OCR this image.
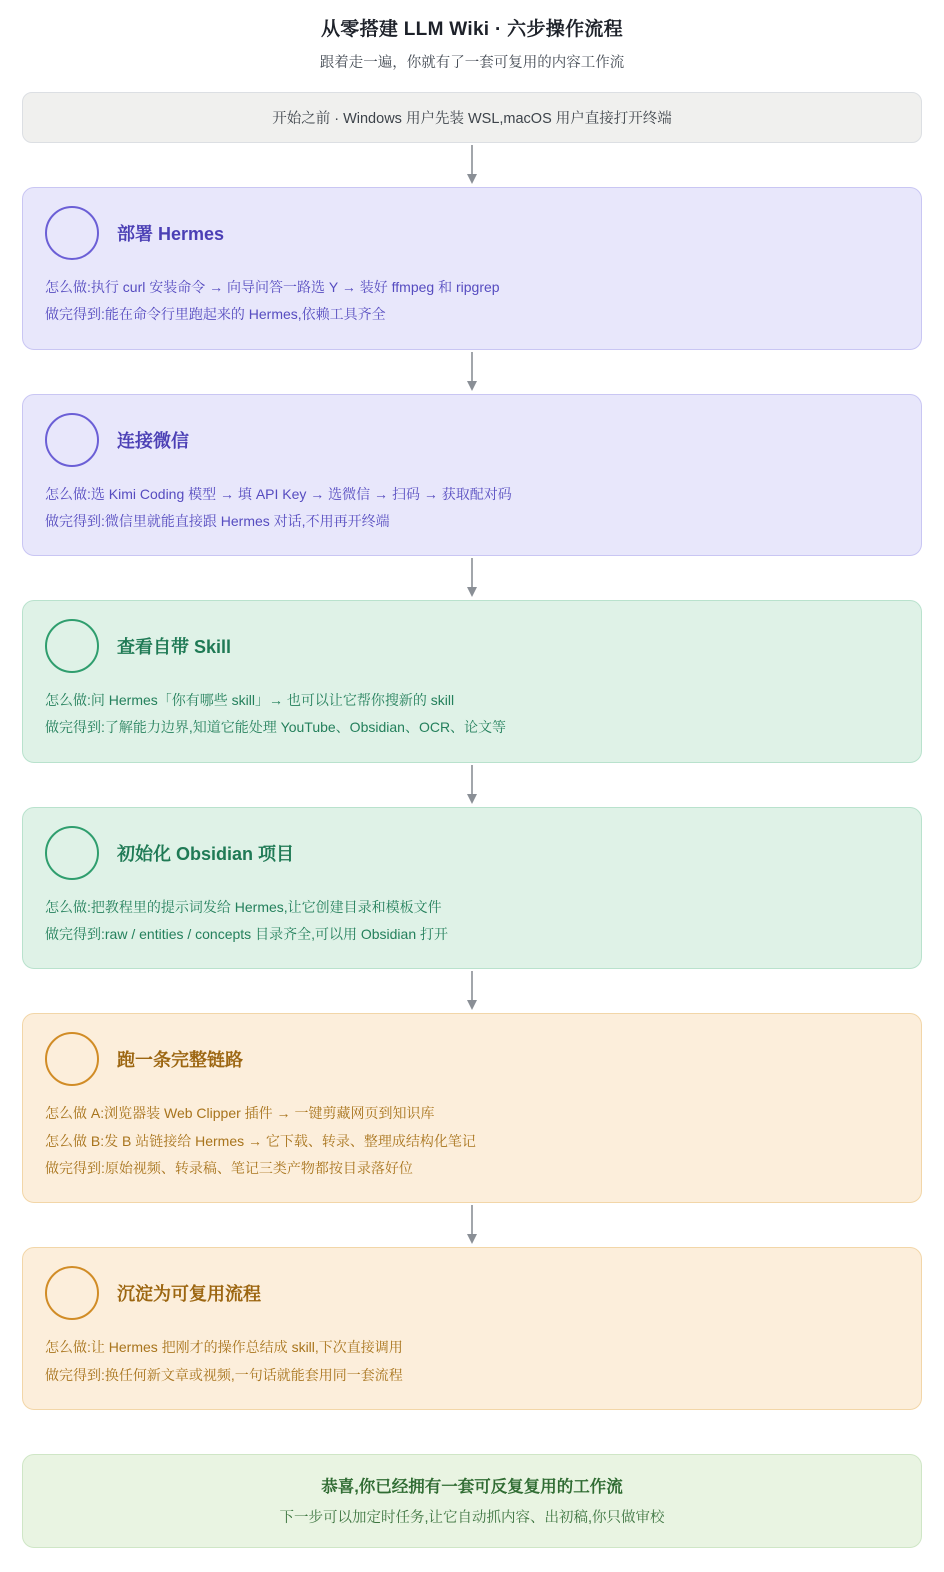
从零搭建 LLM Wiki · 六步操作流程
跟着走一遍，你就有了一套可复用的内容工作流
开始之前 · Windows 用户先装 WSL,macOS 用户直接打开终端
部署 Hermes
怎么做:执行 curl 安装命令 → 向导问答一路选 Y → 装好 ffmpeg 和 ripgrep
做完得到:能在命令行里跑起来的 Hermes,依赖工具齐全
连接微信
怎么做:选 Kimi Coding 模型 → 填 API Key → 选微信 → 扫码 → 获取配对码
做完得到:微信里就能直接跟 Hermes 对话,不用再开终端
查看自带 Skill
怎么做:问 Hermes「你有哪些 skill」→ 也可以让它帮你搜新的 skill
做完得到:了解能力边界,知道它能处理 YouTube、Obsidian、OCR、论文等
初始化 Obsidian 项目
怎么做:把教程里的提示词发给 Hermes,让它创建目录和模板文件
做完得到:raw / entities / concepts 目录齐全,可以用 Obsidian 打开
跑一条完整链路
怎么做 A:浏览器装 Web Clipper 插件 → 一键剪藏网页到知识库
怎么做 B:发 B 站链接给 Hermes → 它下载、转录、整理成结构化笔记
做完得到:原始视频、转录稿、笔记三类产物都按目录落好位
沉淀为可复用流程
怎么做:让 Hermes 把刚才的操作总结成 skill,下次直接调用
做完得到:换任何新文章或视频,一句话就能套用同一套流程
恭喜,你已经拥有一套可反复复用的工作流
下一步可以加定时任务,让它自动抓内容、出初稿,你只做审校
